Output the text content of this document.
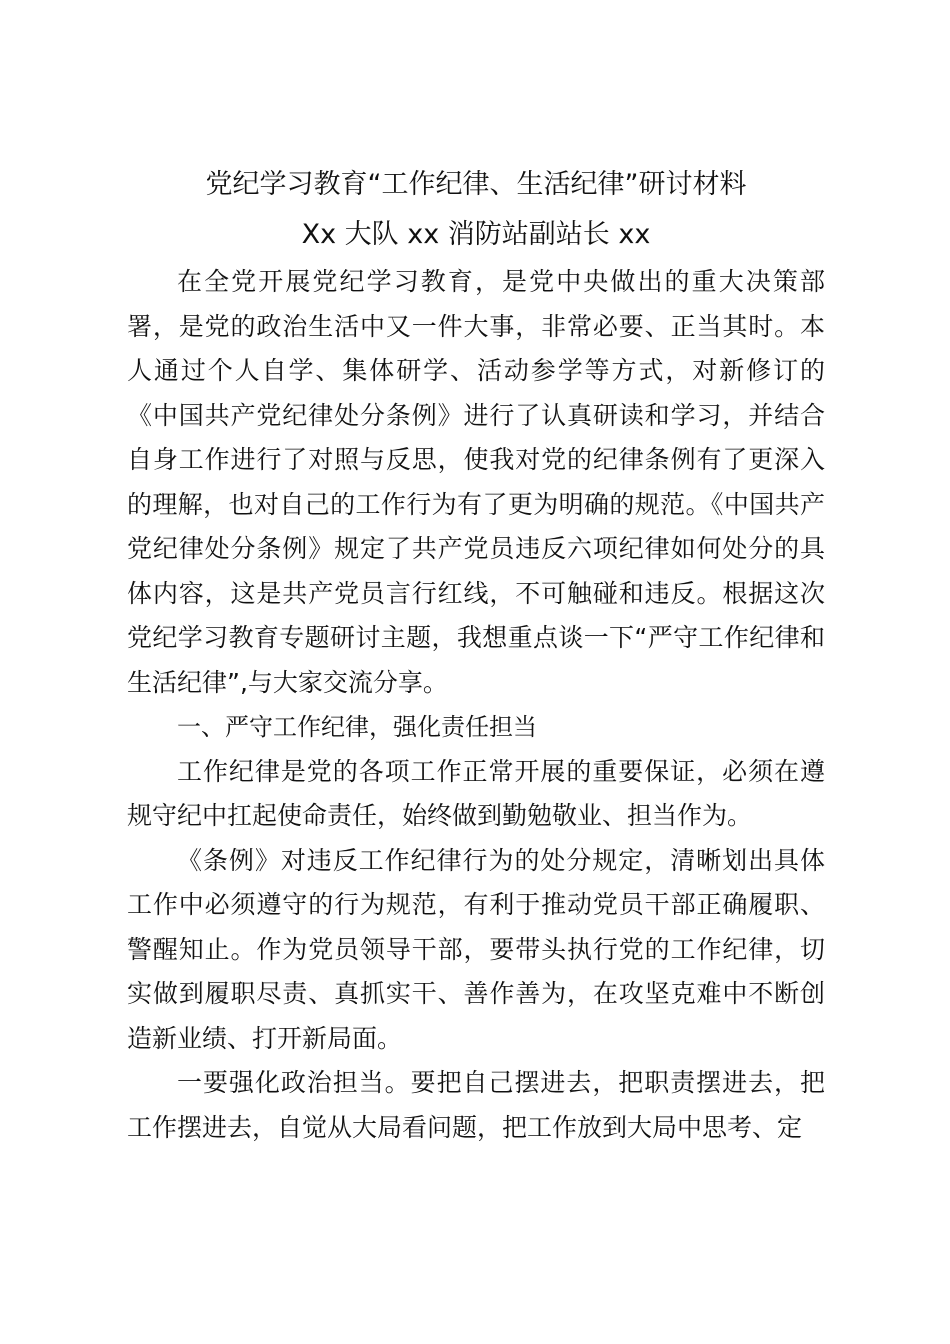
党纪学习教育“工作纪律、生活纪律”研讨材料
Xx 大队 xx 消防站副站长 xx

在全党开展党纪学习教育，是党中央做出的重大决策部署，是党的政治生活中又一件大事，非常必要、正当其时。本人通过个人自学、集体研学、活动参学等方式，对新修订的《中国共产党纪律处分条例》进行了认真研读和学习，并结合自身工作进行了对照与反思，使我对党的纪律条例有了更深入的理解，也对自己的工作行为有了更为明确的规范。《中国共产党纪律处分条例》规定了共产党员违反六项纪律如何处分的具体内容，这是共产党员言行红线，不可触碰和违反。根据这次党纪学习教育专题研讨主题，我想重点谈一下“严守工作纪律和生活纪律”,与大家交流分享。

一、严守工作纪律，强化责任担当

工作纪律是党的各项工作正常开展的重要保证，必须在遵规守纪中扛起使命责任，始终做到勤勉敬业、担当作为。

《条例》对违反工作纪律行为的处分规定，清晰划出具体工作中必须遵守的行为规范，有利于推动党员干部正确履职、警醒知止。作为党员领导干部，要带头执行党的工作纪律，切实做到履职尽责、真抓实干、善作善为，在攻坚克难中不断创造新业绩、打开新局面。

一要强化政治担当。要把自己摆进去，把职责摆进去，把工作摆进去，自觉从大局看问题，把工作放到大局中思考、定
